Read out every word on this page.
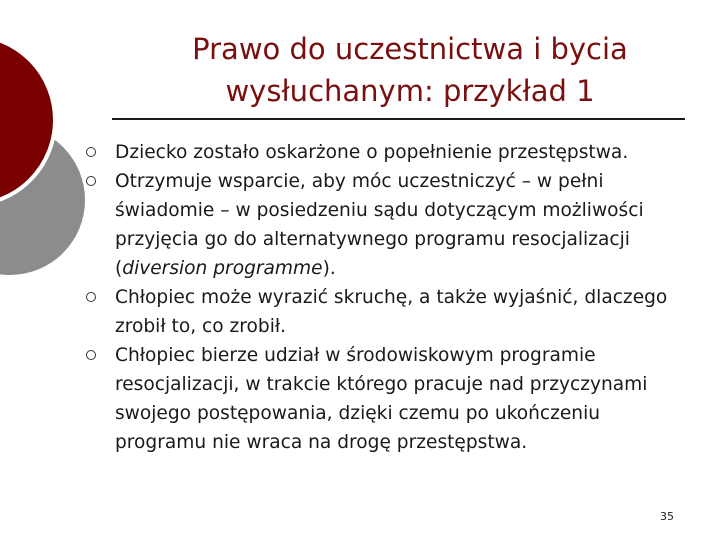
Prawo do uczestnictwa i bycia
wysłuchanym: przykład 1
Dziecko zostało oskarżone o popełnienie przestępstwa.
Otrzymuje wsparcie, aby móc uczestniczyć – w pełni świadomie – w posiedzeniu sądu dotyczącym możliwości przyjęcia go do alternatywnego programu resocjalizacji (diversion programme).
Chłopiec może wyrazić skruchę, a także wyjaśnić, dlaczego zrobił to, co zrobił.
Chłopiec bierze udział w środowiskowym programie resocjalizacji, w trakcie którego pracuje nad przyczynami swojego postępowania, dzięki czemu po ukończeniu programu nie wraca na drogę przestępstwa.
35
